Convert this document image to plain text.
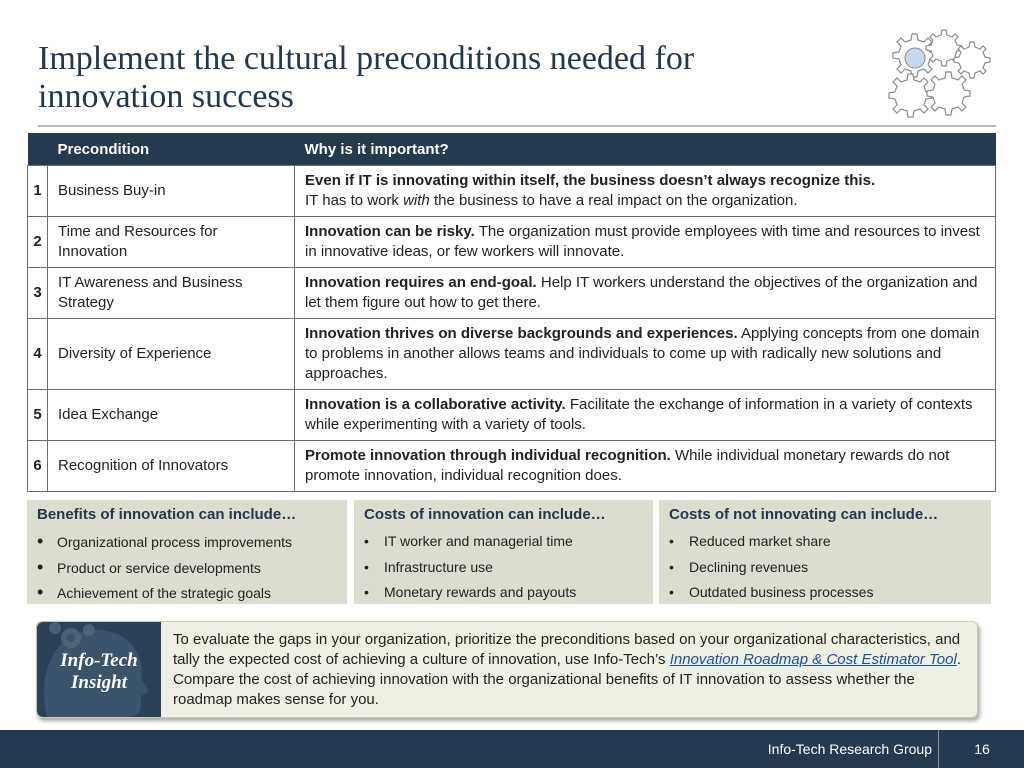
Implement the cultural preconditions needed for innovation success
	Precondition	Why is it important?
1	Business Buy-in	Even if IT is innovating within itself, the business doesn’t always recognize this.
IT has to work with the business to have a real impact on the organization.
2	Time and Resources for Innovation	Innovation can be risky. The organization must provide employees with time and resources to invest in innovative ideas, or few workers will innovate.
3	IT Awareness and Business Strategy	Innovation requires an end-goal. Help IT workers understand the objectives of the organization and let them figure out how to get there.
4	Diversity of Experience	Innovation thrives on diverse backgrounds and experiences. Applying concepts from one domain to problems in another allows teams and individuals to come up with radically new solutions and approaches.
5	Idea Exchange	Innovation is a collaborative activity. Facilitate the exchange of information in a variety of contexts while experimenting with a variety of tools.
6	Recognition of Innovators	Promote innovation through individual recognition. While individual monetary rewards do not promote innovation, individual recognition does.
Benefits of innovation can include…
• Organizational process improvements
• Product or service developments
• Achievement of the strategic goals
Costs of innovation can include…
• IT worker and managerial time
• Infrastructure use
• Monetary rewards and payouts
Costs of not innovating can include…
• Reduced market share
• Declining revenues
• Outdated business processes
Info-Tech
Insight
To evaluate the gaps in your organization, prioritize the preconditions based on your organizational characteristics, and tally the expected cost of achieving a culture of innovation, use Info-Tech’s Innovation Roadmap & Cost Estimator Tool. Compare the cost of achieving innovation with the organizational benefits of IT innovation to assess whether the roadmap makes sense for you.
Info-Tech Research Group	16
